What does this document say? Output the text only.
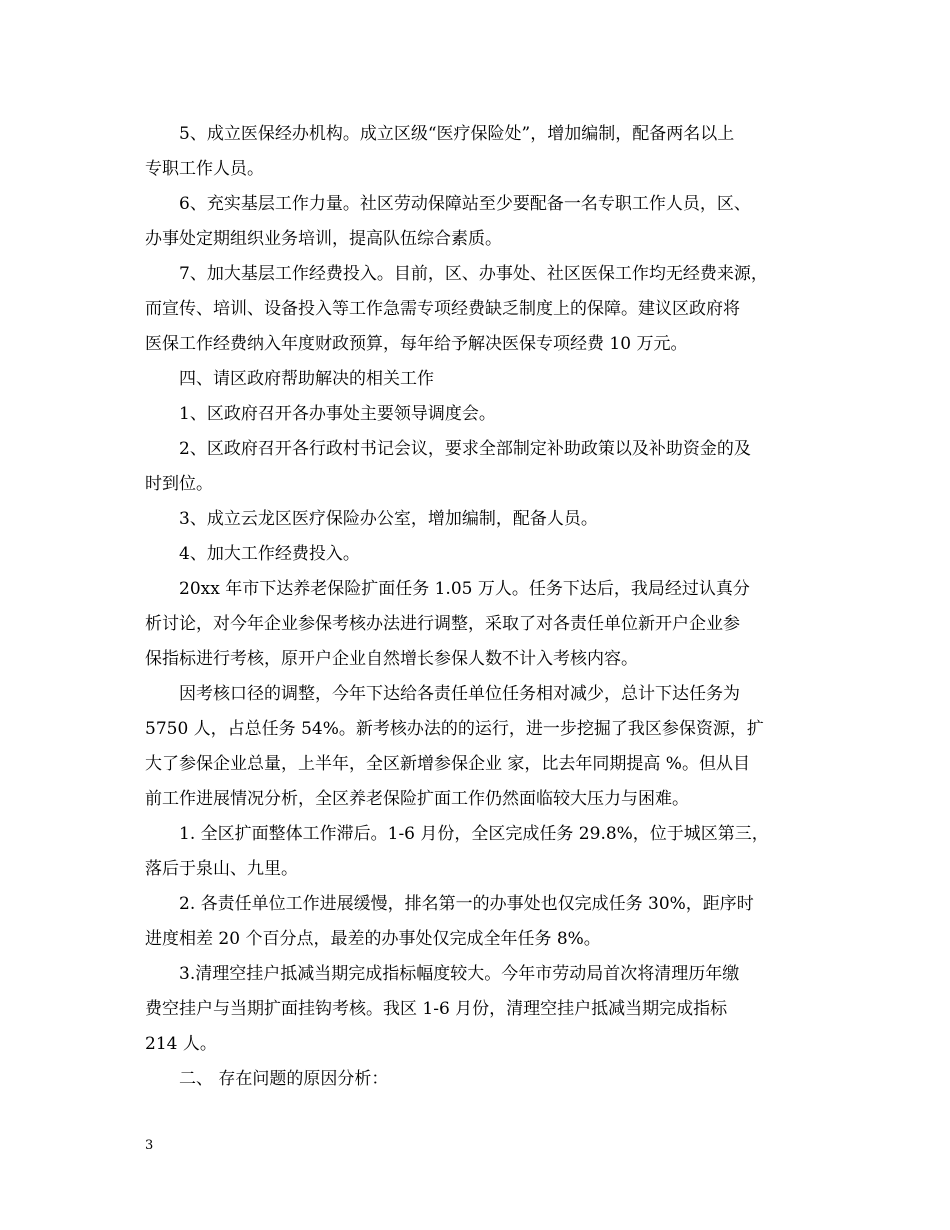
5、成立医保经办机构。成立区级“医疗保险处”，增加编制，配备两名以上
专职工作人员。

6、充实基层工作力量。社区劳动保障站至少要配备一名专职工作人员，区、
办事处定期组织业务培训，提高队伍综合素质。

7、加大基层工作经费投入。目前，区、办事处、社区医保工作均无经费来源，
而宣传、培训、设备投入等工作急需专项经费缺乏制度上的保障。建议区政府将
医保工作经费纳入年度财政预算，每年给予解决医保专项经费 10 万元。

四、请区政府帮助解决的相关工作

1、区政府召开各办事处主要领导调度会。

2、区政府召开各行政村书记会议，要求全部制定补助政策以及补助资金的及
时到位。

3、成立云龙区医疗保险办公室，增加编制，配备人员。

4、加大工作经费投入。

20xx 年市下达养老保险扩面任务 1.05 万人。任务下达后，我局经过认真分
析讨论，对今年企业参保考核办法进行调整，采取了对各责任单位新开户企业参
保指标进行考核，原开户企业自然增长参保人数不计入考核内容。

因考核口径的调整，今年下达给各责任单位任务相对减少，总计下达任务为
5750 人，占总任务 54%。新考核办法的的运行，进一步挖掘了我区参保资源，扩
大了参保企业总量，上半年，全区新增参保企业 家，比去年同期提高 %。但从目
前工作进展情况分析，全区养老保险扩面工作仍然面临较大压力与困难。

1. 全区扩面整体工作滞后。1-6 月份，全区完成任务 29.8%，位于城区第三，
落后于泉山、九里。

2. 各责任单位工作进展缓慢，排名第一的办事处也仅完成任务 30%，距序时
进度相差 20 个百分点，最差的办事处仅完成全年任务 8%。

3.清理空挂户抵减当期完成指标幅度较大。今年市劳动局首次将清理历年缴
费空挂户与当期扩面挂钩考核。我区 1-6 月份，清理空挂户抵减当期完成指标
214 人。

二、 存在问题的原因分析：

3
